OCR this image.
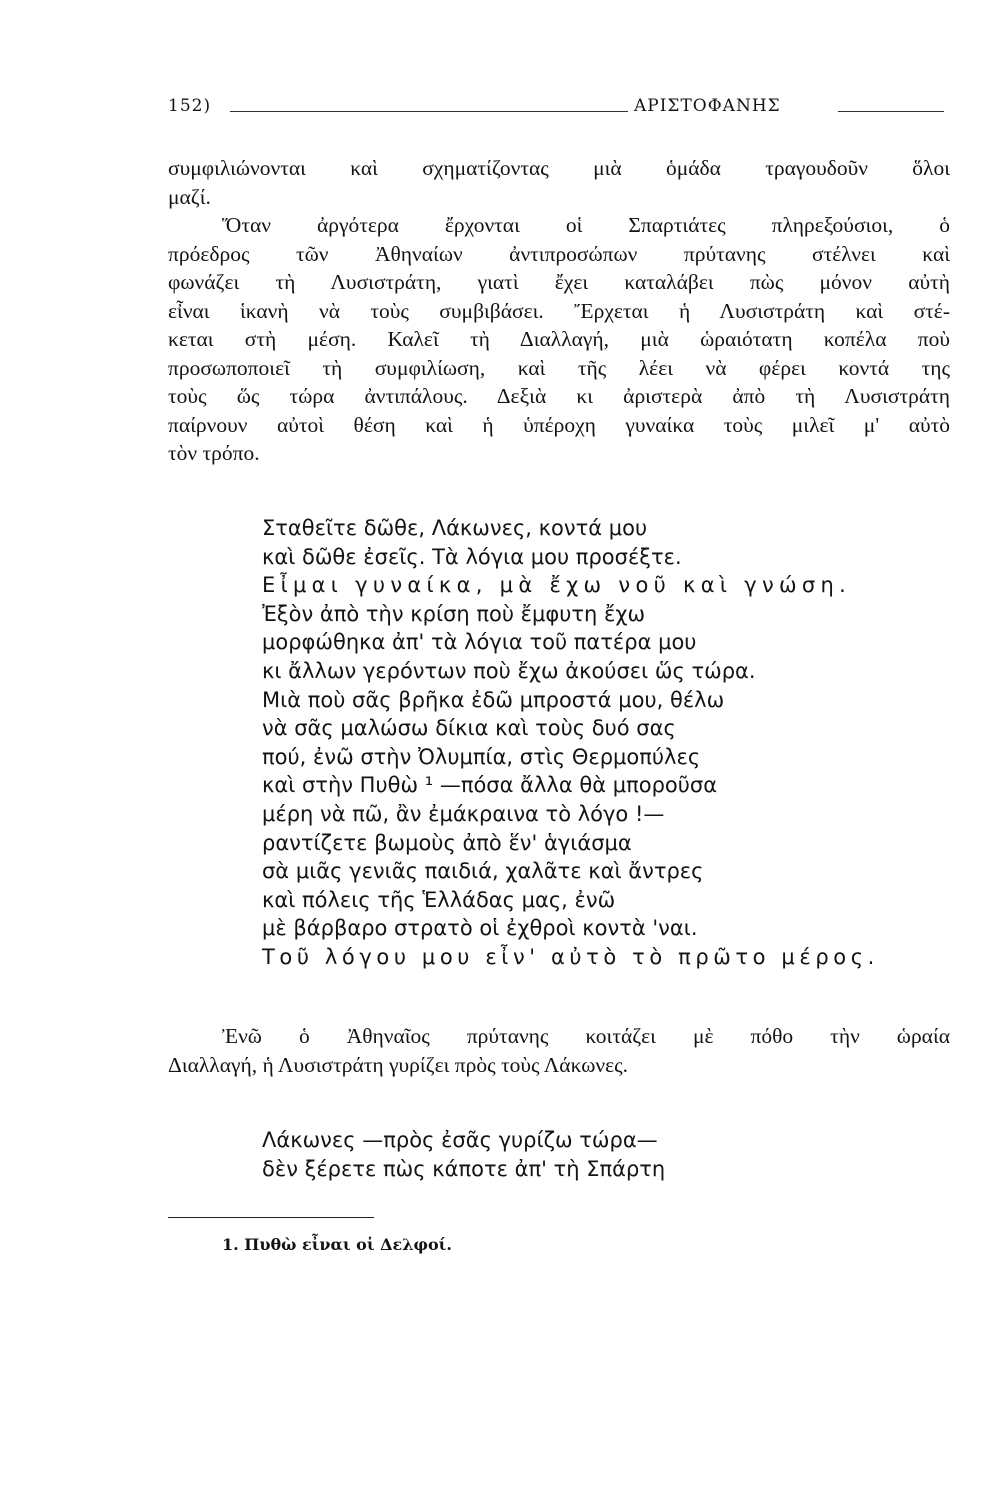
152)	ΑΡΙΣΤΟΦΑΝΗΣ
συμφιλιώνονται καὶ σχηματίζοντας μιὰ ὁμάδα τραγουδοῦν ὅλοι
μαζί.
Ὅταν ἀργότερα ἔρχονται οἱ Σπαρτιάτες πληρεξούσιοι, ὁ
πρόεδρος τῶν Ἀθηναίων ἀντιπροσώπων πρύτανης στέλνει καὶ
φωνάζει τὴ Λυσιστράτη, γιατὶ ἔχει καταλάβει πὼς μόνον αὐτὴ
εἶναι ἱκανὴ νὰ τοὺς συμβιβάσει. Ἔρχεται ἡ Λυσιστράτη καὶ στέ-
κεται στὴ μέση. Καλεῖ τὴ Διαλλαγή, μιὰ ὡραιότατη κοπέλα ποὺ
προσωποποιεῖ τὴ συμφιλίωση, καὶ τῆς λέει νὰ φέρει κοντά της
τοὺς ὥς τώρα ἀντιπάλους. Δεξιὰ κι ἀριστερὰ ἀπὸ τὴ Λυσιστράτη
παίρνουν αὐτοὶ θέση καὶ ἡ ὑπέροχη γυναίκα τοὺς μιλεῖ μ' αὐτὸ
τὸν τρόπο.
Σταθεῖτε δῶθε, Λάκωνες, κοντά μου
καὶ δῶθε ἐσεῖς. Τὰ λόγια μου προσέξτε.
Εἶμαι γυναίκα, μὰ ἔχω νοῦ καὶ γνώση.
Ἐξὸν ἀπὸ τὴν κρίση ποὺ ἔμφυτη ἔχω
μορφώθηκα ἀπ' τὰ λόγια τοῦ πατέρα μου
κι ἄλλων γερόντων ποὺ ἔχω ἀκούσει ὥς τώρα.
Μιὰ ποὺ σᾶς βρῆκα ἐδῶ μπροστά μου, θέλω
νὰ σᾶς μαλώσω δίκια καὶ τοὺς δυό σας
πού, ἐνῶ στὴν Ὀλυμπία, στὶς Θερμοπύλες
καὶ στὴν Πυθὼ ¹ —πόσα ἄλλα θὰ μποροῦσα
μέρη νὰ πῶ, ἂν ἐμάκραινα τὸ λόγο !—
ραντίζετε βωμοὺς ἀπὸ ἕν' ἁγιάσμα
σὰ μιᾶς γενιᾶς παιδιά, χαλᾶτε καὶ ἄντρες
καὶ πόλεις τῆς Ἑλλάδας μας, ἐνῶ
μὲ βάρβαρο στρατὸ οἱ ἐχθροὶ κοντὰ 'ναι.
Τοῦ λόγου μου εἶν' αὐτὸ τὸ πρῶτο μέρος.
Ἐνῶ ὁ Ἀθηναῖος πρύτανης κοιτάζει μὲ πόθο τὴν ὡραία
Διαλλαγή, ἡ Λυσιστράτη γυρίζει πρὸς τοὺς Λάκωνες.
Λάκωνες —πρὸς ἐσᾶς γυρίζω τώρα—
δὲν ξέρετε πὼς κάποτε ἀπ' τὴ Σπάρτη
1. Πυθὼ εἶναι οἱ Δελφοί.
